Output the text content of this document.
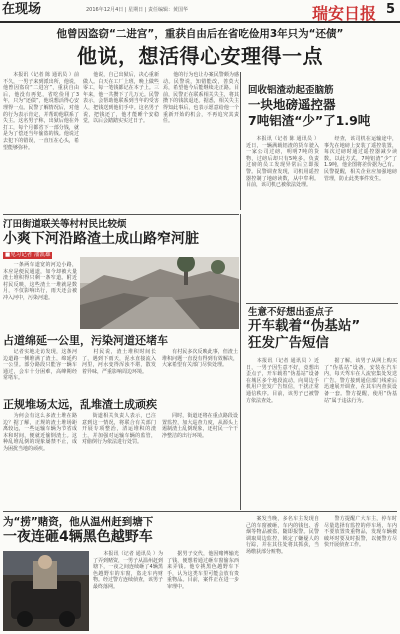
在现场	2016年12月4日 | 星期日 | 责任编辑：黄国华	瑞安日报 5
他曾因盗窃“二进宫”，重获自由后在省吃俭用3年只为“还债”
他说，想活得心安理得一点
　　本报讯（记者 陈 通讯员 ）前不久，一男子来到派出所，他说，他曾因盗窃“二进宫”，重获自由后，他没有再犯，省吃俭用了3年，只为“还债”，他说想活得心安理得一点。民警了解情况后，对他的行为表示肯定，并帮助他联系了失主。这名男子称，出狱后他在外打工，每个月都省下一部分钱，就是为了偿还当年偷盗的钱。他说过去犯下的错误，一直压在心头，希望能够弥补。
　　他说，自己出狱后，决心重新做人。白天在工厂上班，晚上做些零工，每一笔钱都记在本子上。三年来，他一共攒下了几万元。民警表示，会帮助他联系到当年的受害人，把钱送到他们手中。这名男子说，把钱还了，他才能睡个安稳觉，以后会踏踏实实过日子。
　　他的行为也让办案民警颇为感动。民警说，知错能改，善莫大焉，希望他今后能继续走正路。目前，民警正在联系相关失主，将其攒下的钱款退还。据悉，相关失主得知此事后，也表示愿意给他一个重新开始的机会，不再追究其责任。
回收铝渣动起歪脑筋
一块地磅遥控器
7吨铝渣“少”了1.9吨
　　本报讯（记者 陈 通讯员 ）近日，一辆满载铝渣的货车驶入一家公司过磅，明明7吨的货物，过磅后却只有5吨多。负责过磅的员工发现异常后立即报警。民警调查发现，司机用遥控器控制了地磅读数，从中牟利。目前，该司机已被依法处理。
　　经查，该司机在运输途中，事先在地磅上安装了遥控装置，每次过磅时通过遥控器减少读数。以此方式，7吨铝渣“少”了1.9吨，他企图将差价据为己有。民警提醒，相关企业应加强地磅管理，防止此类事件发生。
汀田街道联关等村村民比较烦
小爽下河沿路渣土成山路窄河脏
■见习记者 潘凯雄
　　一条两车道宽的河边小路，本应是便民通道，如今却被大量渣土堆积得只剩一条窄道。附近村民反映，这些渣土一堆就是数月，不仅影响出行，雨天还会被冲入河中，污染河道。
占道绵延一公里，污染河道还堵车
　　记者实地走访发现，这条河边道路一侧堆满了渣土，绵延约一公里。部分路段只能容一辆车通过，会车十分困难，高峰期经常堵车。
　　村民说，渣土堆积时间长了，遇到下雨天，泥水直接流入河里，河水变得浑浊不堪，散发着异味，严重影响周边环境。
　　有村民多次反映此事，但渣土堆积问题一直没有得到有效解决，大家希望有关部门尽快处理。
正规堆场太远，乱堆渣土成顽疾
　　为何会有这么多渣土堆在路边？据了解，正规的渣土堆场距离较远，一些运输车辆为节省成本和时间，便就近偷倒渣土。这种乱堆乱倒的现象屡禁不止，成为困扰当地的顽疾。
　　街道相关负责人表示，已注意到这一情况，将联合有关部门开展专项整治，清运堆积的渣土，并加强对运输车辆的监管，对偷倒行为依法进行处罚。
　　同时，街道还将在重点路段设置监控，加大巡查力度，从源头上遏制渣土乱倒现象，还村民一个干净整洁的出行环境。
生意不好想出歪点子
开车载着“伪基站”
狂发广告短信
　　本报讯（记者 通讯员 ）近日，一男子因生意不好，竟想出歪点子，开车载着“伪基站”设备在城区多个地段流动，向周边手机用户狂发广告短信，干扰正常通信秩序。目前，该男子已被警方依法查处。
　　据了解，该男子从网上购买了“伪基站”设备，安装在汽车内，每天驾车在人流密集处发送广告。警方接到通信部门线索后迅速展开调查，在其车内查获设备一套。警方提醒，使用“伪基站”属于违法行为。
为“捞”赌资，他从温州赶到塘下
一夜连砸4辆黑色越野车
　　本报讯（记者 通讯员 ）为了弄到赌资，一男子从温州赶到塘下，一夜之间连续砸了4辆黑色越野车的车窗，盗走车内财物。经过警方连续侦查，该男子最终落网。
　　据男子交代，他因赌博输光了钱，便想着通过砸车窗偷东西来弄钱。他专挑黑色越野车下手，认为这类车里可能会放有贵重物品。目前，案件正在进一步审理中。
　　案发当晚，多名车主发现自己的车窗被砸，车内的钱包、香烟等物品被盗，随即报警。民警调取周边监控，锁定了嫌疑人的行踪，并在其住处将其抓获，当场缴获部分赃物。
　　警方提醒广大车主，停车时尽量选择有监控的停车场，车内不要放置贵重物品，发现车辆被破坏时要及时报警，以便警方尽快开展侦查工作。
